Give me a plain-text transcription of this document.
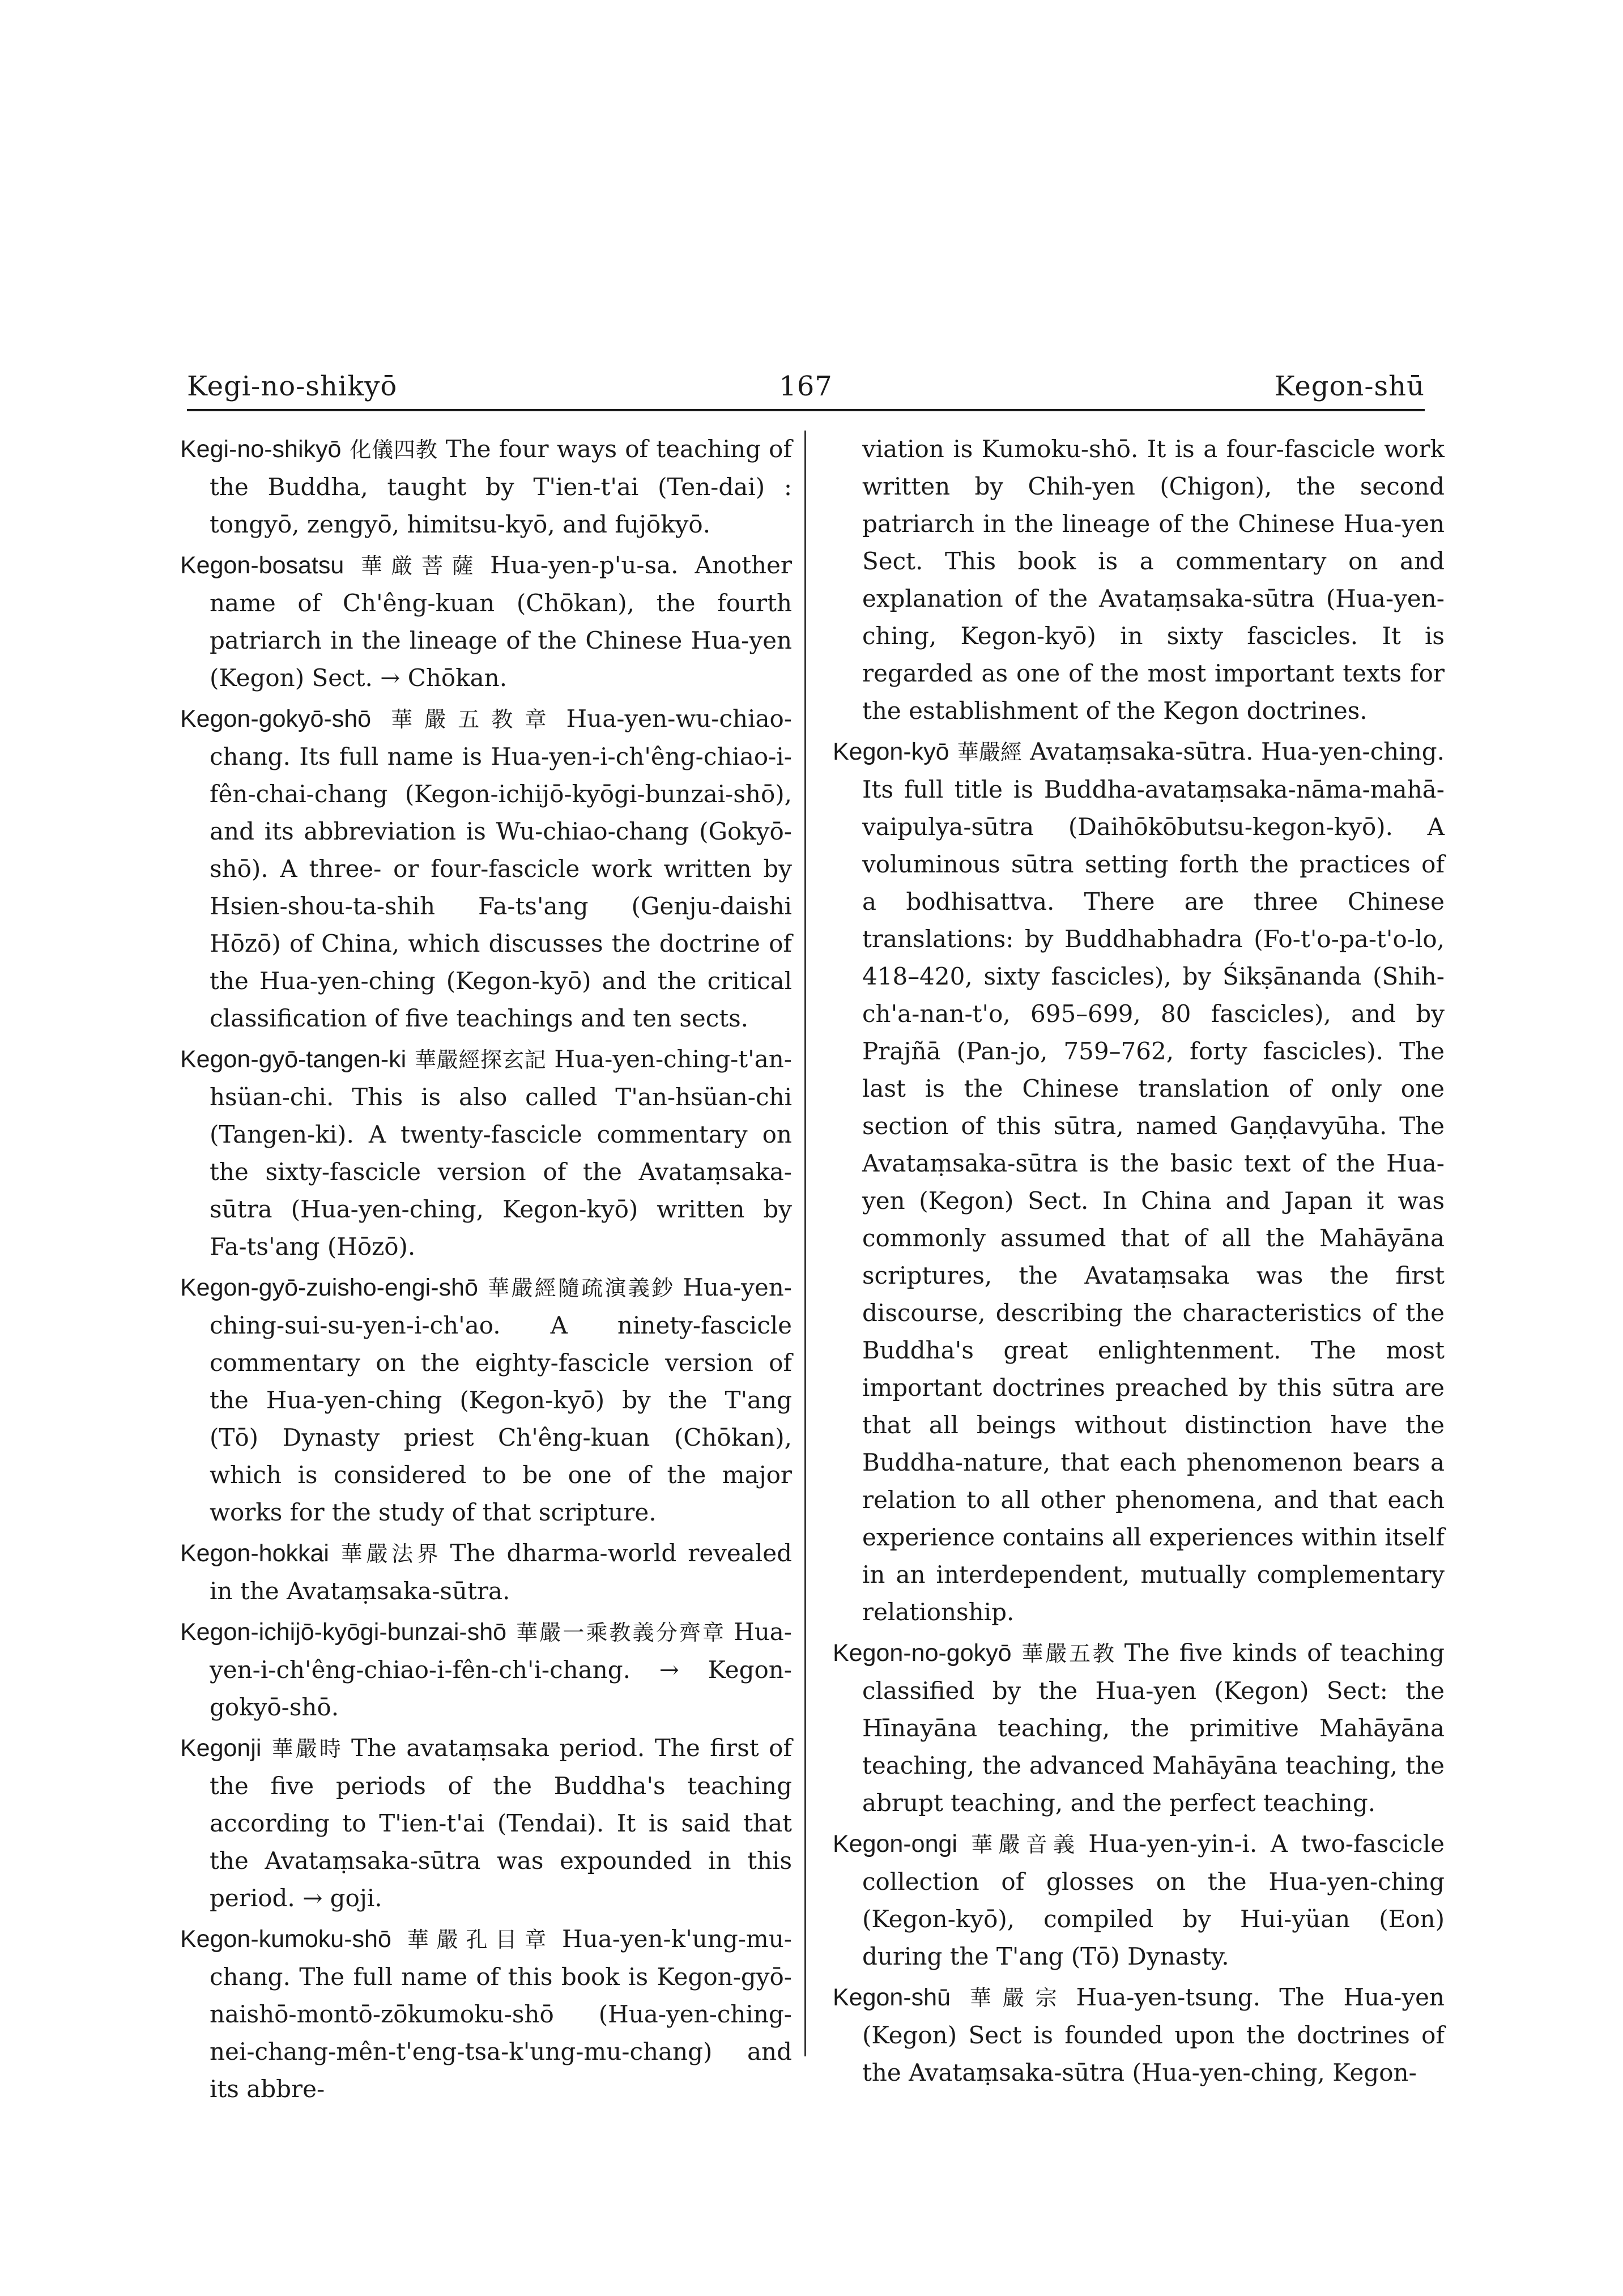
Kegi-no-shikyō	167	Kegon-shū

Kegi-no-shikyō 化儀四教 The four ways of teaching of the Buddha, taught by T'ien-t'ai (Ten-dai) : tongyō, zengyō, himitsu-kyō, and fujōkyō.

Kegon-bosatsu 華厳菩薩 Hua-yen-p'u-sa. Another name of Ch'êng-kuan (Chōkan), the fourth patriarch in the lineage of the Chinese Hua-yen (Kegon) Sect. → Chōkan.

Kegon-gokyō-shō 華嚴五教章 Hua-yen-wu-chiao-chang. Its full name is Hua-yen-i-ch'êng-chiao-i-fên-chai-chang (Kegon-ichijō-kyōgi-bunzai-shō), and its abbreviation is Wu-chiao-chang (Gokyō-shō). A three- or four-fascicle work written by Hsien-shou-ta-shih Fa-ts'ang (Genju-daishi Hōzō) of China, which discusses the doctrine of the Hua-yen-ching (Kegon-kyō) and the critical classification of five teachings and ten sects.

Kegon-gyō-tangen-ki 華嚴經探玄記 Hua-yen-ching-t'an-hsüan-chi. This is also called T'an-hsüan-chi (Tangen-ki). A twenty-fascicle commentary on the sixty-fascicle version of the Avataṃsaka-sūtra (Hua-yen-ching, Kegon-kyō) written by Fa-ts'ang (Hōzō).

Kegon-gyō-zuisho-engi-shō 華嚴經隨疏演義鈔 Hua-yen-ching-sui-su-yen-i-ch'ao. A ninety-fascicle commentary on the eighty-fascicle version of the Hua-yen-ching (Kegon-kyō) by the T'ang (Tō) Dynasty priest Ch'êng-kuan (Chōkan), which is considered to be one of the major works for the study of that scripture.

Kegon-hokkai 華嚴法界 The dharma-world revealed in the Avataṃsaka-sūtra.

Kegon-ichijō-kyōgi-bunzai-shō 華嚴一乘教義分齊章 Hua-yen-i-ch'êng-chiao-i-fên-ch'i-chang. → Kegon-gokyō-shō.

Kegonji 華嚴時 The avataṃsaka period. The first of the five periods of the Buddha's teaching according to T'ien-t'ai (Tendai). It is said that the Avataṃsaka-sūtra was expounded in this period. → goji.

Kegon-kumoku-shō 華嚴孔目章 Hua-yen-k'ung-mu-chang. The full name of this book is Kegon-gyō-naishō-montō-zōkumoku-shō (Hua-yen-ching-nei-chang-mên-t'eng-tsa-k'ung-mu-chang) and its abbre-

viation is Kumoku-shō. It is a four-fascicle work written by Chih-yen (Chigon), the second patriarch in the lineage of the Chinese Hua-yen Sect. This book is a commentary on and explanation of the Avataṃsaka-sūtra (Hua-yen-ching, Kegon-kyō) in sixty fascicles. It is regarded as one of the most important texts for the establishment of the Kegon doctrines.

Kegon-kyō 華嚴經 Avataṃsaka-sūtra. Hua-yen-ching. Its full title is Buddha-avataṃsaka-nāma-mahā-vaipulya-sūtra (Daihōkōbutsu-kegon-kyō). A voluminous sūtra setting forth the practices of a bodhisattva. There are three Chinese translations: by Buddhabhadra (Fo-t'o-pa-t'o-lo, 418–420, sixty fascicles), by Śikṣānanda (Shih-ch'a-nan-t'o, 695–699, 80 fascicles), and by Prajñā (Pan-jo, 759–762, forty fascicles). The last is the Chinese translation of only one section of this sūtra, named Gaṇḍavyūha. The Avataṃsaka-sūtra is the basic text of the Hua-yen (Kegon) Sect. In China and Japan it was commonly assumed that of all the Mahāyāna scriptures, the Avataṃsaka was the first discourse, describing the characteristics of the Buddha's great enlightenment. The most important doctrines preached by this sūtra are that all beings without distinction have the Buddha-nature, that each phenomenon bears a relation to all other phenomena, and that each experience contains all experiences within itself in an interdependent, mutually complementary relationship.

Kegon-no-gokyō 華嚴五教 The five kinds of teaching classified by the Hua-yen (Kegon) Sect: the Hīnayāna teaching, the primitive Mahāyāna teaching, the advanced Mahāyāna teaching, the abrupt teaching, and the perfect teaching.

Kegon-ongi 華嚴音義 Hua-yen-yin-i. A two-fascicle collection of glosses on the Hua-yen-ching (Kegon-kyō), compiled by Hui-yüan (Eon) during the T'ang (Tō) Dynasty.

Kegon-shū 華嚴宗 Hua-yen-tsung. The Hua-yen (Kegon) Sect is founded upon the doctrines of the Avataṃsaka-sūtra (Hua-yen-ching, Kegon-
